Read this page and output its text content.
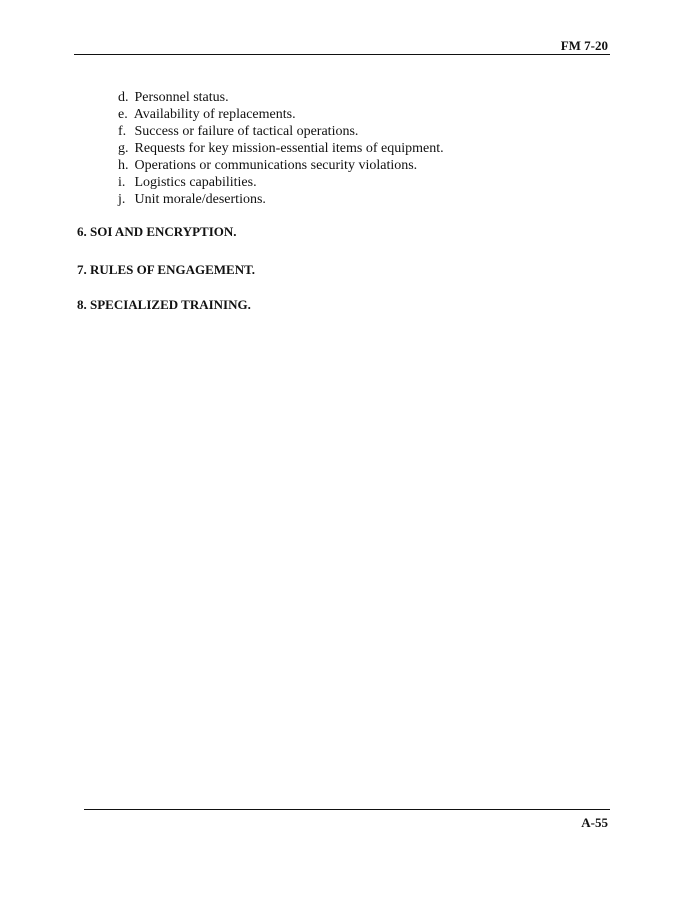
FM 7-20
d. Personnel status.
e. Availability of replacements.
f. Success or failure of tactical operations.
g. Requests for key mission-essential items of equipment.
h. Operations or communications security violations.
i. Logistics capabilities.
j. Unit morale/desertions.
6. SOI AND ENCRYPTION.
7. RULES OF ENGAGEMENT.
8. SPECIALIZED TRAINING.
A-55
